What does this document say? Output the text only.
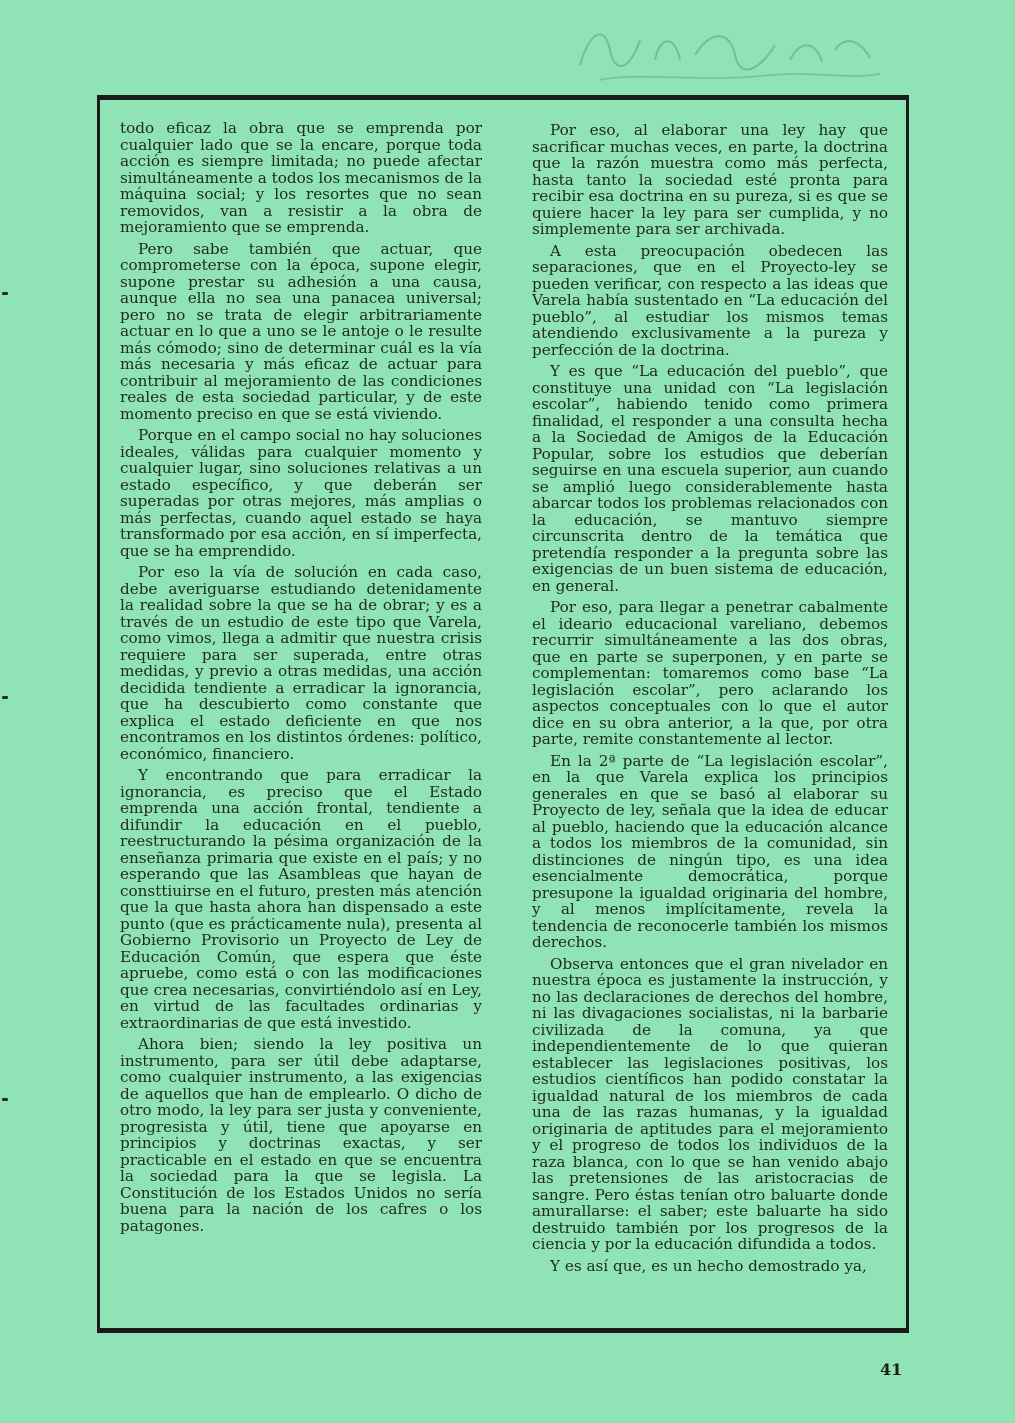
todo eficaz la obra que se emprenda por cualquier lado que se la encare, porque toda acción es siempre limitada; no puede afectar simultáneamente a todos los mecanismos de la máquina social; y los resortes que no sean removidos, van a resistir a la obra de mejoramiento que se emprenda.

Pero sabe también que actuar, que comprometerse con la época, supone elegir, supone prestar su adhesión a una causa, aunque ella no sea una panacea universal; pero no se trata de elegir arbitrariamente actuar en lo que a uno se le antoje o le resulte más cómodo; sino de determinar cuál es la vía más necesaria y más eficaz de actuar para contribuir al mejoramiento de las condiciones reales de esta sociedad particular, y de este momento preciso en que se está viviendo.

Porque en el campo social no hay soluciones ideales, válidas para cualquier momento y cualquier lugar, sino soluciones relativas a un estado específico, y que deberán ser superadas por otras mejores, más amplias o más perfectas, cuando aquel estado se haya transformado por esa acción, en sí imperfecta, que se ha emprendido.

Por eso la vía de solución en cada caso, debe averiguarse estudiando detenidamente la realidad sobre la que se ha de obrar; y es a través de un estudio de este tipo que Varela, como vimos, llega a admitir que nuestra crisis requiere para ser superada, entre otras medidas, y previo a otras medidas, una acción decidida tendiente a erradicar la ignorancia, que ha descubierto como constante que explica el estado deficiente en que nos encontramos en los distintos órdenes: político, económico, financiero.

Y encontrando que para erradicar la ignorancia, es preciso que el Estado emprenda una acción frontal, tendiente a difundir la educación en el pueblo, reestructurando la pésima organización de la enseñanza primaria que existe en el país; y no esperando que las Asambleas que hayan de consttiuirse en el futuro, presten más atención que la que hasta ahora han dispensado a este punto (que es prácticamente nula), presenta al Gobierno Provisorio un Proyecto de Ley de Educación Común, que espera que éste apruebe, como está o con las modificaciones que crea necesarias, convirtiéndolo así en Ley, en virtud de las facultades ordinarias y extraordinarias de que está investido.

Ahora bien; siendo la ley positiva un instrumento, para ser útil debe adaptarse, como cualquier instrumento, a las exigencias de aquellos que han de emplearlo. O dicho de otro modo, la ley para ser justa y conveniente, progresista y útil, tiene que apoyarse en principios y doctrinas exactas, y ser practicable en el estado en que se encuentra la sociedad para la que se legisla. La Constitución de los Estados Unidos no sería buena para la nación de los cafres o los patagones.

Por eso, al elaborar una ley hay que sacrificar muchas veces, en parte, la doctrina que la razón muestra como más perfecta, hasta tanto la sociedad esté pronta para recibir esa doctrina en su pureza, si es que se quiere hacer la ley para ser cumplida, y no simplemente para ser archivada.

A esta preocupación obedecen las separaciones, que en el Proyecto-ley se pueden verificar, con respecto a las ideas que Varela había sustentado en “La educación del pueblo”, al estudiar los mismos temas atendiendo exclusivamente a la pureza y perfección de la doctrina.

Y es que “La educación del pueblo”, que constituye una unidad con “La legislación escolar”, habiendo tenido como primera finalidad, el responder a una consulta hecha a la Sociedad de Amigos de la Educación Popular, sobre los estudios que deberían seguirse en una escuela superior, aun cuando se amplió luego considerablemente hasta abarcar todos los problemas relacionados con la educación, se mantuvo siempre circunscrita dentro de la temática que pretendía responder a la pregunta sobre las exigencias de un buen sistema de educación, en general.

Por eso, para llegar a penetrar cabalmente el ideario educacional vareliano, debemos recurrir simultáneamente a las dos obras, que en parte se superponen, y en parte se complementan: tomaremos como base “La legislación escolar”, pero aclarando los aspectos conceptuales con lo que el autor dice en su obra anterior, a la que, por otra parte, remite constantemente al lector.

En la 2ª parte de “La legislación escolar”, en la que Varela explica los principios generales en que se basó al elaborar su Proyecto de ley, señala que la idea de educar al pueblo, haciendo que la educación alcance a todos los miembros de la comunidad, sin distinciones de ningún tipo, es una idea esencialmente democrática, porque presupone la igualdad originaria del hombre, y al menos implícitamente, revela la tendencia de reconocerle también los mismos derechos.

Observa entonces que el gran nivelador en nuestra época es justamente la instrucción, y no las declaraciones de derechos del hombre, ni las divagaciones socialistas, ni la barbarie civilizada de la comuna, ya que independientemente de lo que quieran establecer las legislaciones positivas, los estudios científicos han podido constatar la igualdad natural de los miembros de cada una de las razas humanas, y la igualdad originaria de aptitudes para el mejoramiento y el progreso de todos los individuos de la raza blanca, con lo que se han venido abajo las pretensiones de las aristocracias de sangre. Pero éstas tenían otro baluarte donde amurallarse: el saber; este baluarte ha sido destruido también por los progresos de la ciencia y por la educación difundida a todos.

Y es así que, es un hecho demostrado ya,

41
